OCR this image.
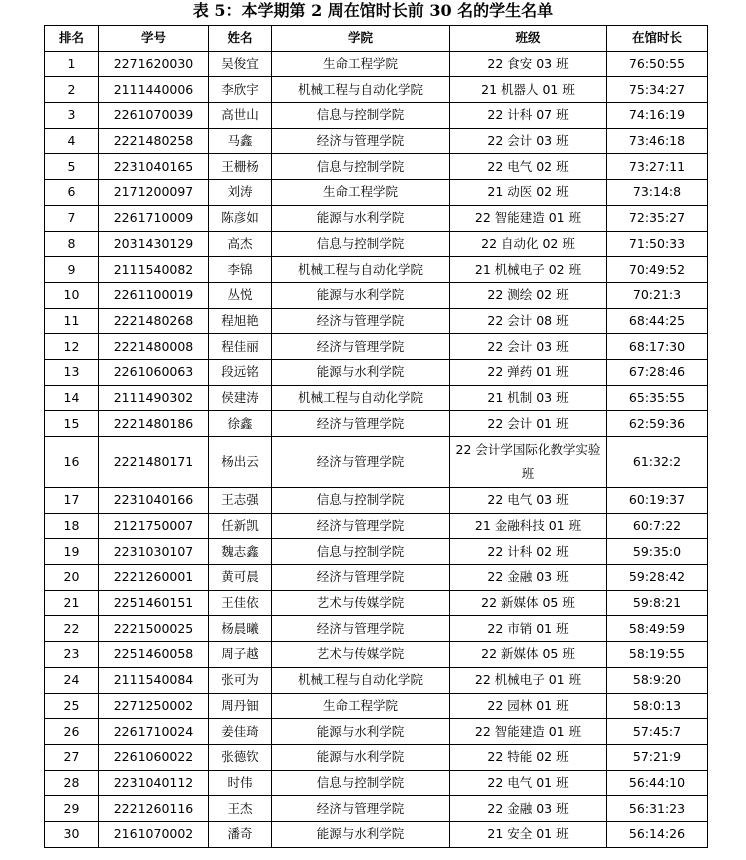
表 5：本学期第 2 周在馆时长前 30 名的学生名单
排名	学号	姓名	学院	班级	在馆时长
1	2271620030	吴俊宜	生命工程学院	22 食安 03 班	76:50:55
2	2111440006	李欣宇	机械工程与自动化学院	21 机器人 01 班	75:34:27
3	2261070039	高世山	信息与控制学院	22 计科 07 班	74:16:19
4	2221480258	马鑫	经济与管理学院	22 会计 03 班	73:46:18
5	2231040165	王栅杨	信息与控制学院	22 电气 02 班	73:27:11
6	2171200097	刘涛	生命工程学院	21 动医 02 班	73:14:8
7	2261710009	陈彦如	能源与水利学院	22 智能建造 01 班	72:35:27
8	2031430129	高杰	信息与控制学院	22 自动化 02 班	71:50:33
9	2111540082	李锦	机械工程与自动化学院	21 机械电子 02 班	70:49:52
10	2261100019	丛悦	能源与水利学院	22 测绘 02 班	70:21:3
11	2221480268	程旭艳	经济与管理学院	22 会计 08 班	68:44:25
12	2221480008	程佳丽	经济与管理学院	22 会计 03 班	68:17:30
13	2261060063	段远铭	能源与水利学院	22 弹药 01 班	67:28:46
14	2111490302	侯建涛	机械工程与自动化学院	21 机制 03 班	65:35:55
15	2221480186	徐鑫	经济与管理学院	22 会计 01 班	62:59:36
16	2221480171	杨出云	经济与管理学院	22 会计学国际化教学实验班	61:32:2
17	2231040166	王志强	信息与控制学院	22 电气 03 班	60:19:37
18	2121750007	任新凯	经济与管理学院	21 金融科技 01 班	60:7:22
19	2231030107	魏志鑫	信息与控制学院	22 计科 02 班	59:35:0
20	2221260001	黄可晨	经济与管理学院	22 金融 03 班	59:28:42
21	2251460151	王佳依	艺术与传媒学院	22 新媒体 05 班	59:8:21
22	2221500025	杨晨曦	经济与管理学院	22 市销 01 班	58:49:59
23	2251460058	周子越	艺术与传媒学院	22 新媒体 05 班	58:19:55
24	2111540084	张可为	机械工程与自动化学院	22 机械电子 01 班	58:9:20
25	2271250002	周丹钿	生命工程学院	22 园林 01 班	58:0:13
26	2261710024	姜佳琦	能源与水利学院	22 智能建造 01 班	57:45:7
27	2261060022	张德钦	能源与水利学院	22 特能 02 班	57:21:9
28	2231040112	时伟	信息与控制学院	22 电气 01 班	56:44:10
29	2221260116	王杰	经济与管理学院	22 金融 03 班	56:31:23
30	2161070002	潘奇	能源与水利学院	21 安全 01 班	56:14:26
